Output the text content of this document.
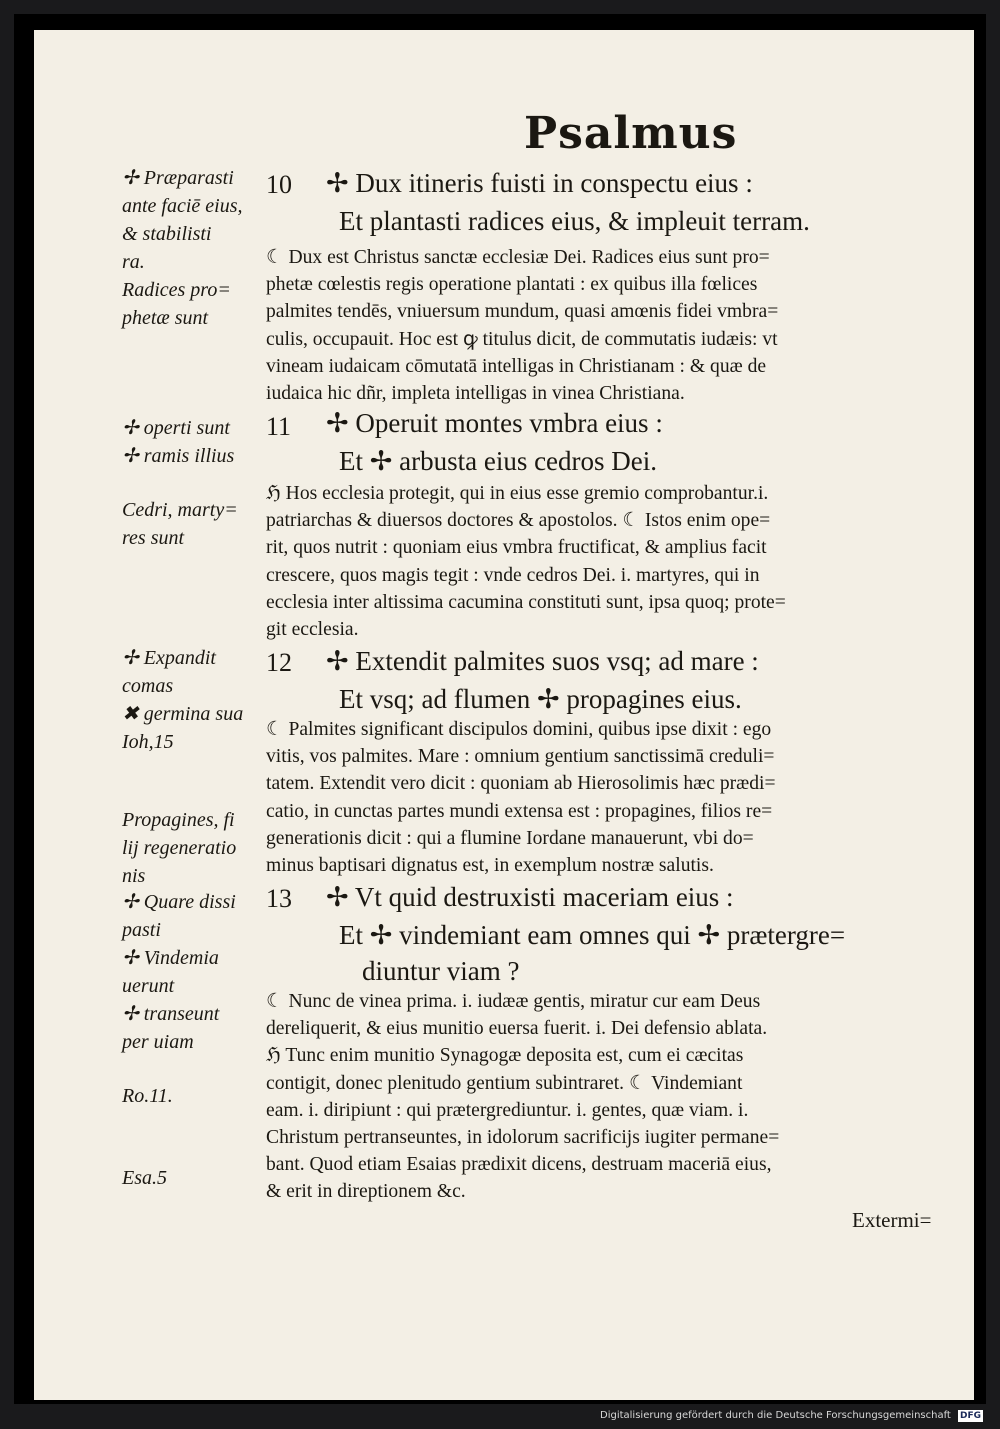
Psalmus
✢ Præparasti
ante faciē eius,
& stabilisti
ra.
Radices pro=
phetæ sunt
✢ operti sunt
✢ ramis illius
Cedri, marty=
res sunt
✢ Expandit
comas
✖ germina sua
Ioh,15
Propagines, fi
lij regeneratio
nis
✢ Quare dissi
pasti
✢ Vindemia
uerunt
✢ transeunt
per uiam
Ro.11.
Esa.5
10	✢ Dux itineris fuisti in conspectu eius :
Et plantasti radices eius, & impleuit terram.
☾ Dux est Christus sanctæ ecclesiæ Dei. Radices eius sunt pro=
phetæ cœlestis regis operatione plantati : ex quibus illa fœlices
palmites tendēs, vniuersum mundum, quasi amœnis fidei vmbra=
culis, occupauit. Hoc est ꝙ titulus dicit, de commutatis iudæis: vt
vineam iudaicam cōmutatā intelligas in Christianam : & quæ de
iudaica hic dñr, impleta intelligas in vinea Christiana.
11	✢ Operuit montes vmbra eius :
Et ✢ arbusta eius cedros Dei.
ℌ Hos ecclesia protegit, qui in eius esse gremio comprobantur.i.
patriarchas & diuersos doctores & apostolos. ☾ Istos enim ope=
rit, quos nutrit : quoniam eius vmbra fructificat, & amplius facit
crescere, quos magis tegit : vnde cedros Dei. i. martyres, qui in
ecclesia inter altissima cacumina constituti sunt, ipsa quoq; prote=
git ecclesia.
12	✢ Extendit palmites suos vsq; ad mare :
Et vsq; ad flumen ✢ propagines eius.
☾ Palmites significant discipulos domini, quibus ipse dixit : ego
vitis, vos palmites. Mare : omnium gentium sanctissimā creduli=
tatem. Extendit vero dicit : quoniam ab Hierosolimis hæc prædi=
catio, in cunctas partes mundi extensa est : propagines, filios re=
generationis dicit : qui a flumine Iordane manauerunt, vbi do=
minus baptisari dignatus est, in exemplum nostræ salutis.
13	✢ Vt quid destruxisti maceriam eius :
Et ✢ vindemiant eam omnes qui ✢ prætergre=
diuntur viam ?
☾ Nunc de vinea prima. i. iudææ gentis, miratur cur eam Deus
dereliquerit, & eius munitio euersa fuerit. i. Dei defensio ablata.
ℌ Tunc enim munitio Synagogæ deposita est, cum ei cæcitas
contigit, donec plenitudo gentium subintraret. ☾ Vindemiant
eam. i. diripiunt : qui prætergrediuntur. i. gentes, quæ viam. i.
Christum pertranseuntes, in idolorum sacrificijs iugiter permane=
bant. Quod etiam Esaias prædixit dicens, destruam maceriā eius,
& erit in direptionem &c.
Extermi=
Digitalisierung gefördert durch die Deutsche Forschungsgemeinschaft DFG
